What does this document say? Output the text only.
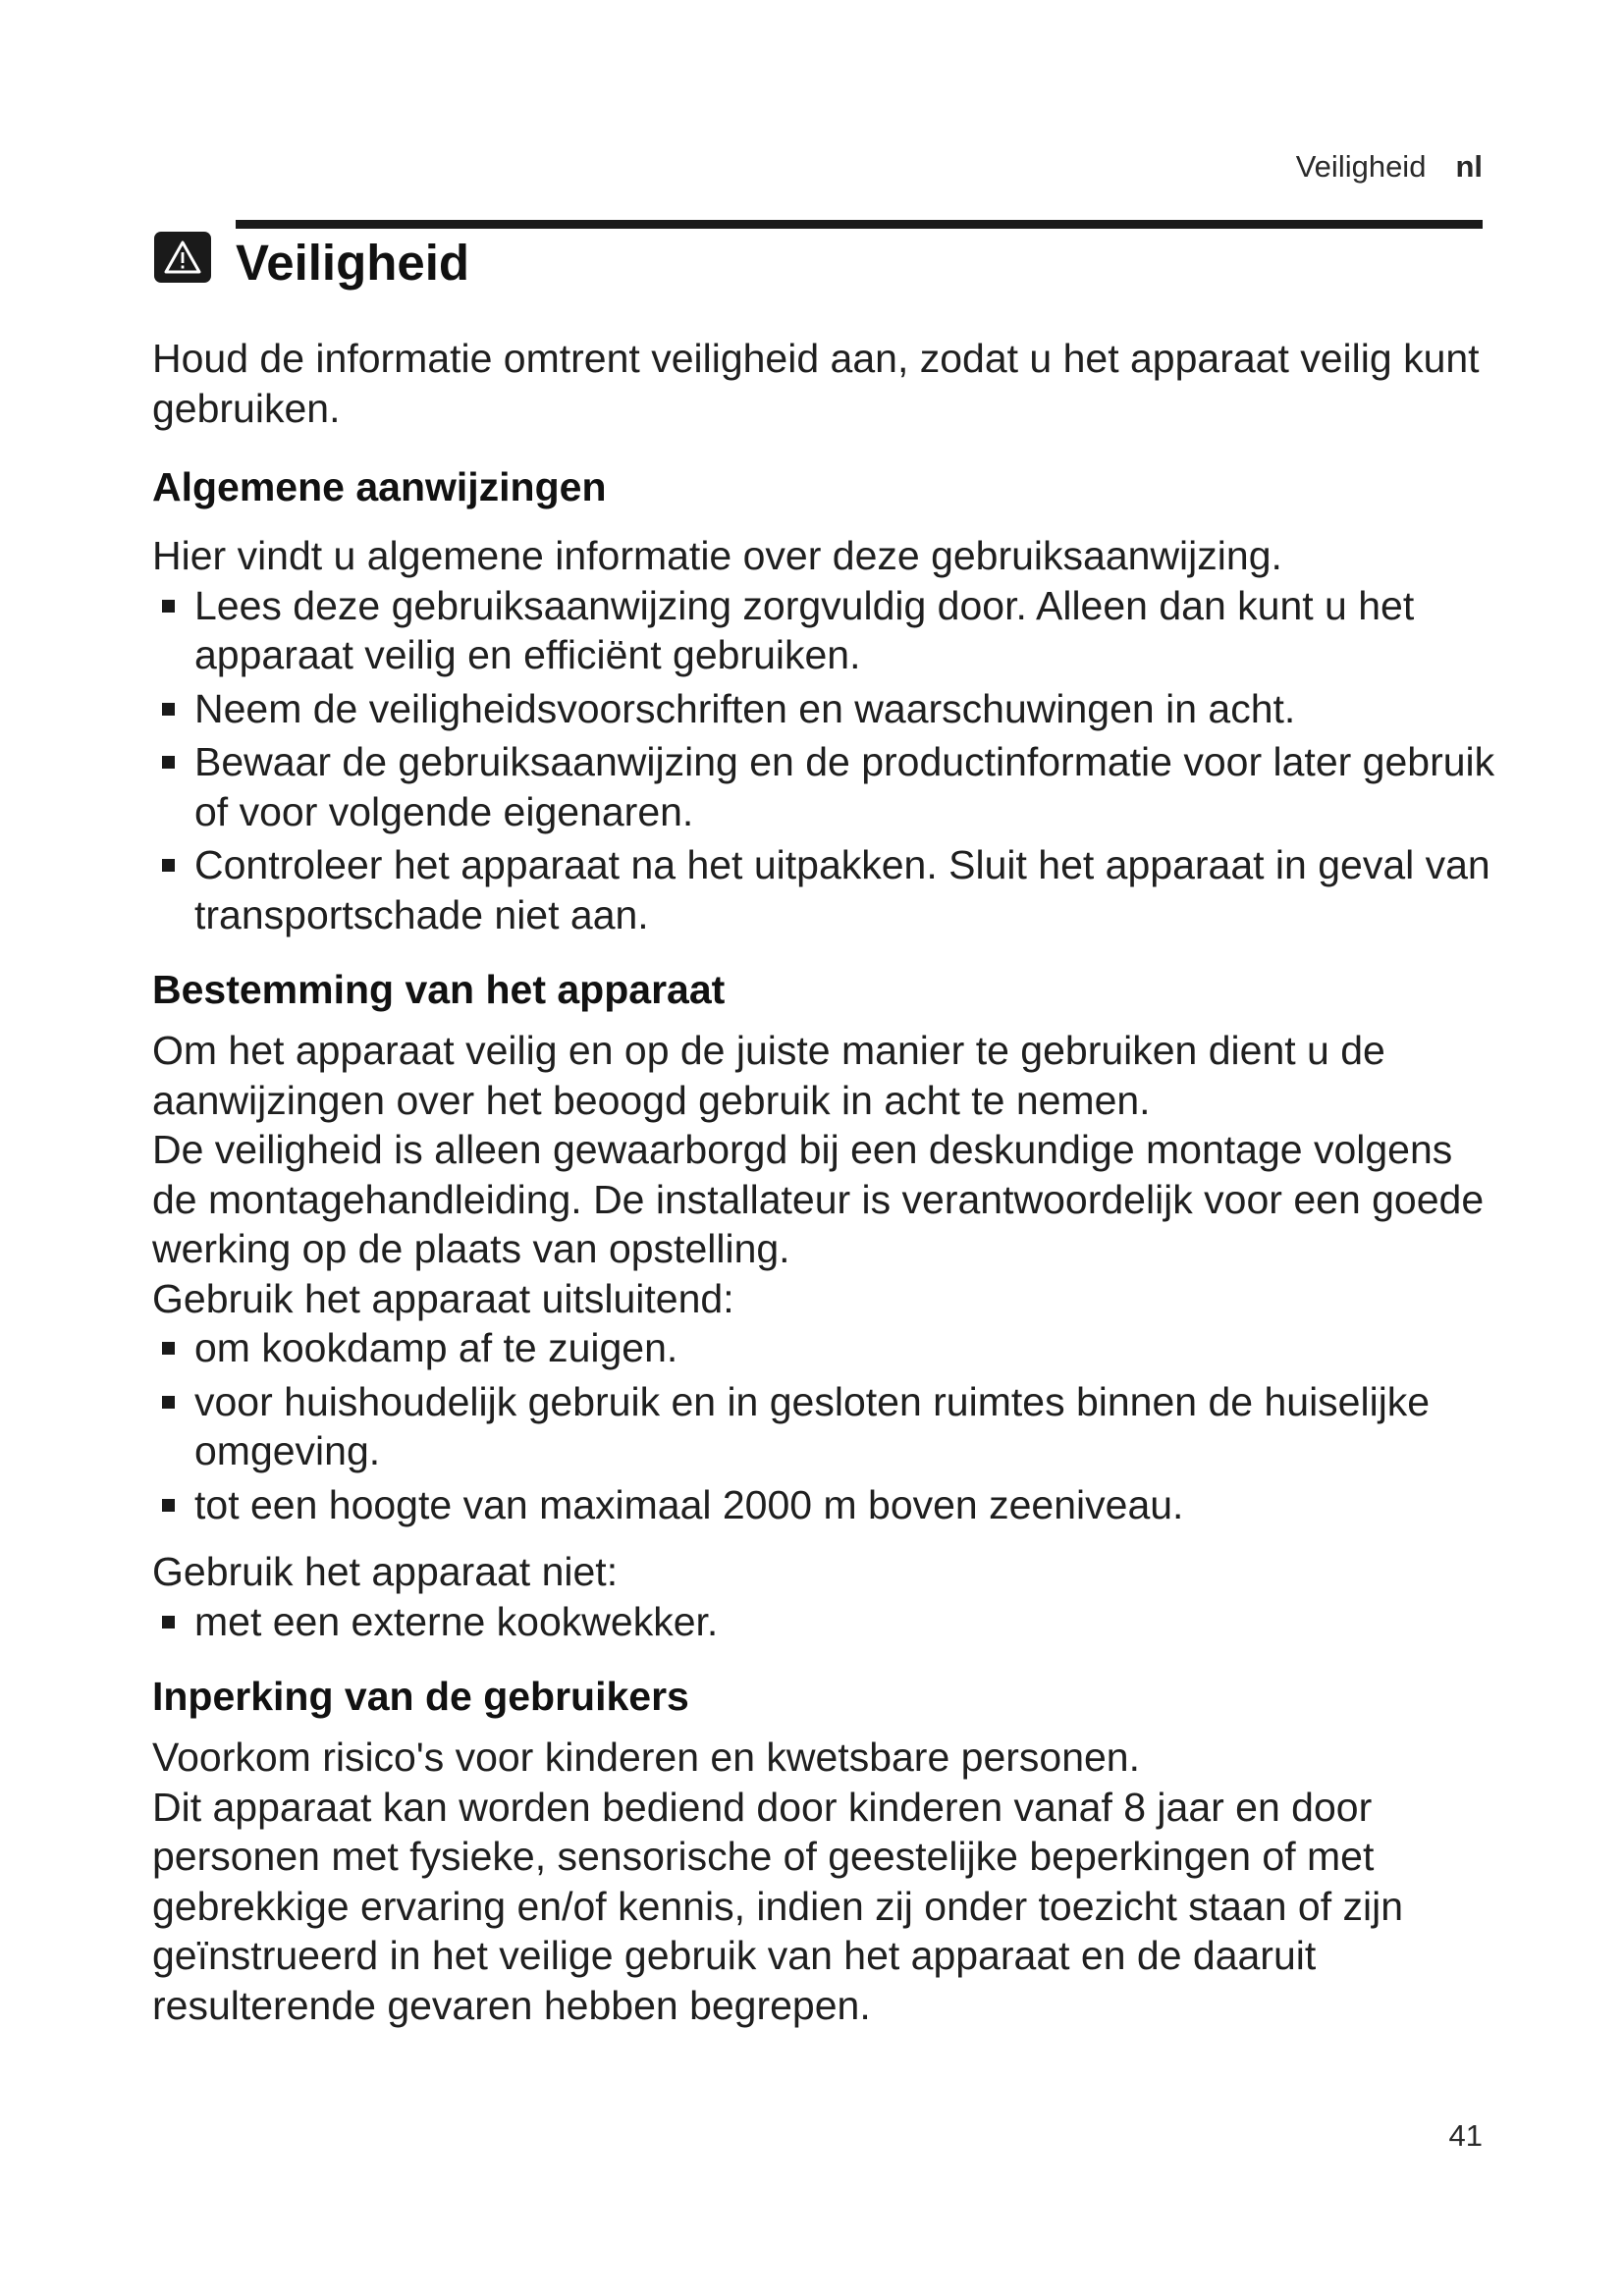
Veiligheid nl
Veiligheid

Houd de informatie omtrent veiligheid aan, zodat u het apparaat veilig kunt gebruiken.

Algemene aanwijzingen

Hier vindt u algemene informatie over deze gebruiksaanwijzing.

Lees deze gebruiksaanwijzing zorgvuldig door. Alleen dan kunt u het apparaat veilig en efficiënt gebruiken.
Neem de veiligheidsvoorschriften en waarschuwingen in acht.
Bewaar de gebruiksaanwijzing en de productinformatie voor later gebruik of voor volgende eigenaren.
Controleer het apparaat na het uitpakken. Sluit het apparaat in geval van transportschade niet aan.
Bestemming van het apparaat

Om het apparaat veilig en op de juiste manier te gebruiken dient u de aanwijzingen over het beoogd gebruik in acht te nemen.

De veiligheid is alleen gewaarborgd bij een deskundige montage volgens de montagehandleiding. De installateur is verantwoordelijk voor een goede werking op de plaats van opstelling.

Gebruik het apparaat uitsluitend:

om kookdamp af te zuigen.
voor huishoudelijk gebruik en in gesloten ruimtes binnen de huiselijke omgeving.
tot een hoogte van maximaal 2000 m boven zeeniveau.

Gebruik het apparaat niet:

met een externe kookwekker.
Inperking van de gebruikers

Voorkom risico's voor kinderen en kwetsbare personen.

Dit apparaat kan worden bediend door kinderen vanaf 8 jaar en door personen met fysieke, sensorische of geestelijke beperkingen of met gebrekkige ervaring en/of kennis, indien zij onder toezicht staan of zijn geïnstrueerd in het veilige gebruik van het apparaat en de daaruit resulterende gevaren hebben begrepen.

41
